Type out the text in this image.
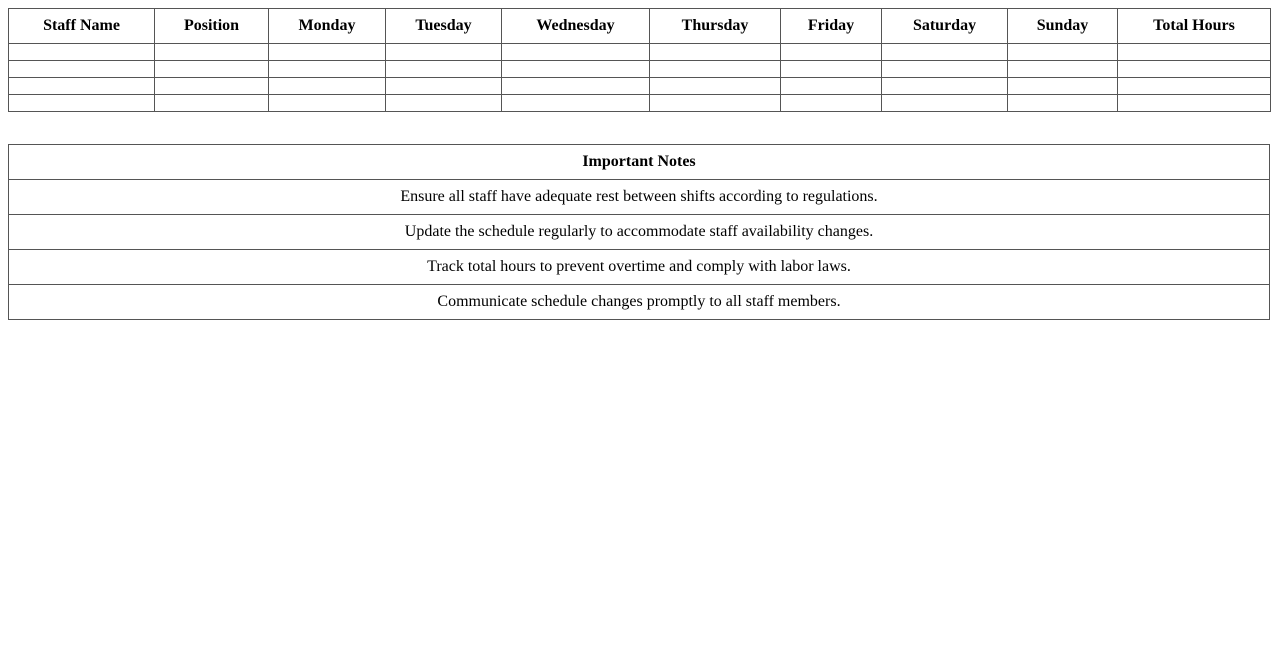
Staff Name	Position	Monday	Tuesday	Wednesday	Thursday	Friday	Saturday	Sunday	Total Hours

Important Notes
Ensure all staff have adequate rest between shifts according to regulations.
Update the schedule regularly to accommodate staff availability changes.
Track total hours to prevent overtime and comply with labor laws.
Communicate schedule changes promptly to all staff members.
